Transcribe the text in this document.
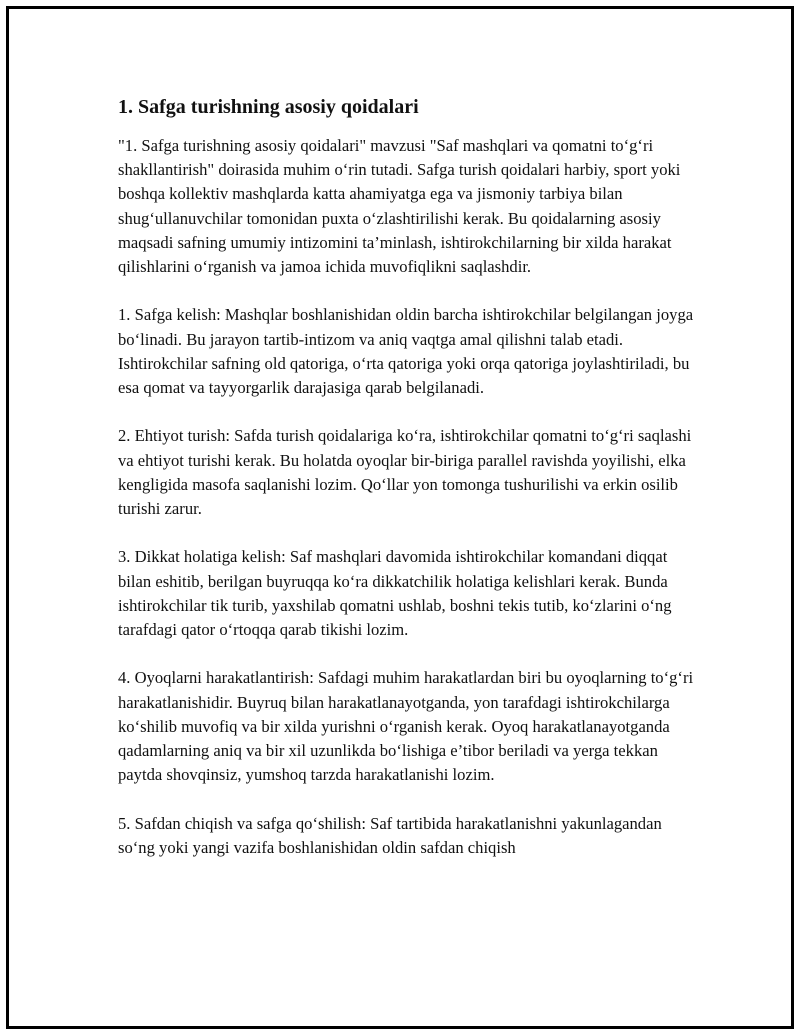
1. Safga turishning asosiy qoidalari

"1. Safga turishning asosiy qoidalari" mavzusi "Saf mashqlari va qomatni to‘g‘ri shakllantirish" doirasida muhim o‘rin tutadi. Safga turish qoidalari harbiy, sport yoki boshqa kollektiv mashqlarda katta ahamiyatga ega va jismoniy tarbiya bilan shug‘ullanuvchilar tomonidan puxta o‘zlashtirilishi kerak. Bu qoidalarning asosiy maqsadi safning umumiy intizomini ta’minlash, ishtirokchilarning bir xilda harakat qilishlarini o‘rganish va jamoa ichida muvofiqlikni saqlashdir.

1. Safga kelish: Mashqlar boshlanishidan oldin barcha ishtirokchilar belgilangan joyga bo‘linadi. Bu jarayon tartib-intizom va aniq vaqtga amal qilishni talab etadi. Ishtirokchilar safning old qatoriga, o‘rta qatoriga yoki orqa qatoriga joylashtiriladi, bu esa qomat va tayyorgarlik darajasiga qarab belgilanadi.

2. Ehtiyot turish: Safda turish qoidalariga ko‘ra, ishtirokchilar qomatni to‘g‘ri saqlashi va ehtiyot turishi kerak. Bu holatda oyoqlar bir-biriga parallel ravishda yoyilishi, elka kengligida masofa saqlanishi lozim. Qo‘llar yon tomonga tushurilishi va erkin osilib turishi zarur.

3. Dikkat holatiga kelish: Saf mashqlari davomida ishtirokchilar komandani diqqat bilan eshitib, berilgan buyruqqa ko‘ra dikkatchilik holatiga kelishlari kerak. Bunda ishtirokchilar tik turib, yaxshilab qomatni ushlab, boshni tekis tutib, ko‘zlarini o‘ng tarafdagi qator o‘rtoqqa qarab tikishi lozim.

4. Oyoqlarni harakatlantirish: Safdagi muhim harakatlardan biri bu oyoqlarning to‘g‘ri harakatlanishidir. Buyruq bilan harakatlanayotganda, yon tarafdagi ishtirokchilarga ko‘shilib muvofiq va bir xilda yurishni o‘rganish kerak. Oyoq harakatlanayotganda qadamlarning aniq va bir xil uzunlikda bo‘lishiga e’tibor beriladi va yerga tekkan paytda shovqinsiz, yumshoq tarzda harakatlanishi lozim.

5. Safdan chiqish va safga qo‘shilish: Saf tartibida harakatlanishni yakunlagandan so‘ng yoki yangi vazifa boshlanishidan oldin safdan chiqish
